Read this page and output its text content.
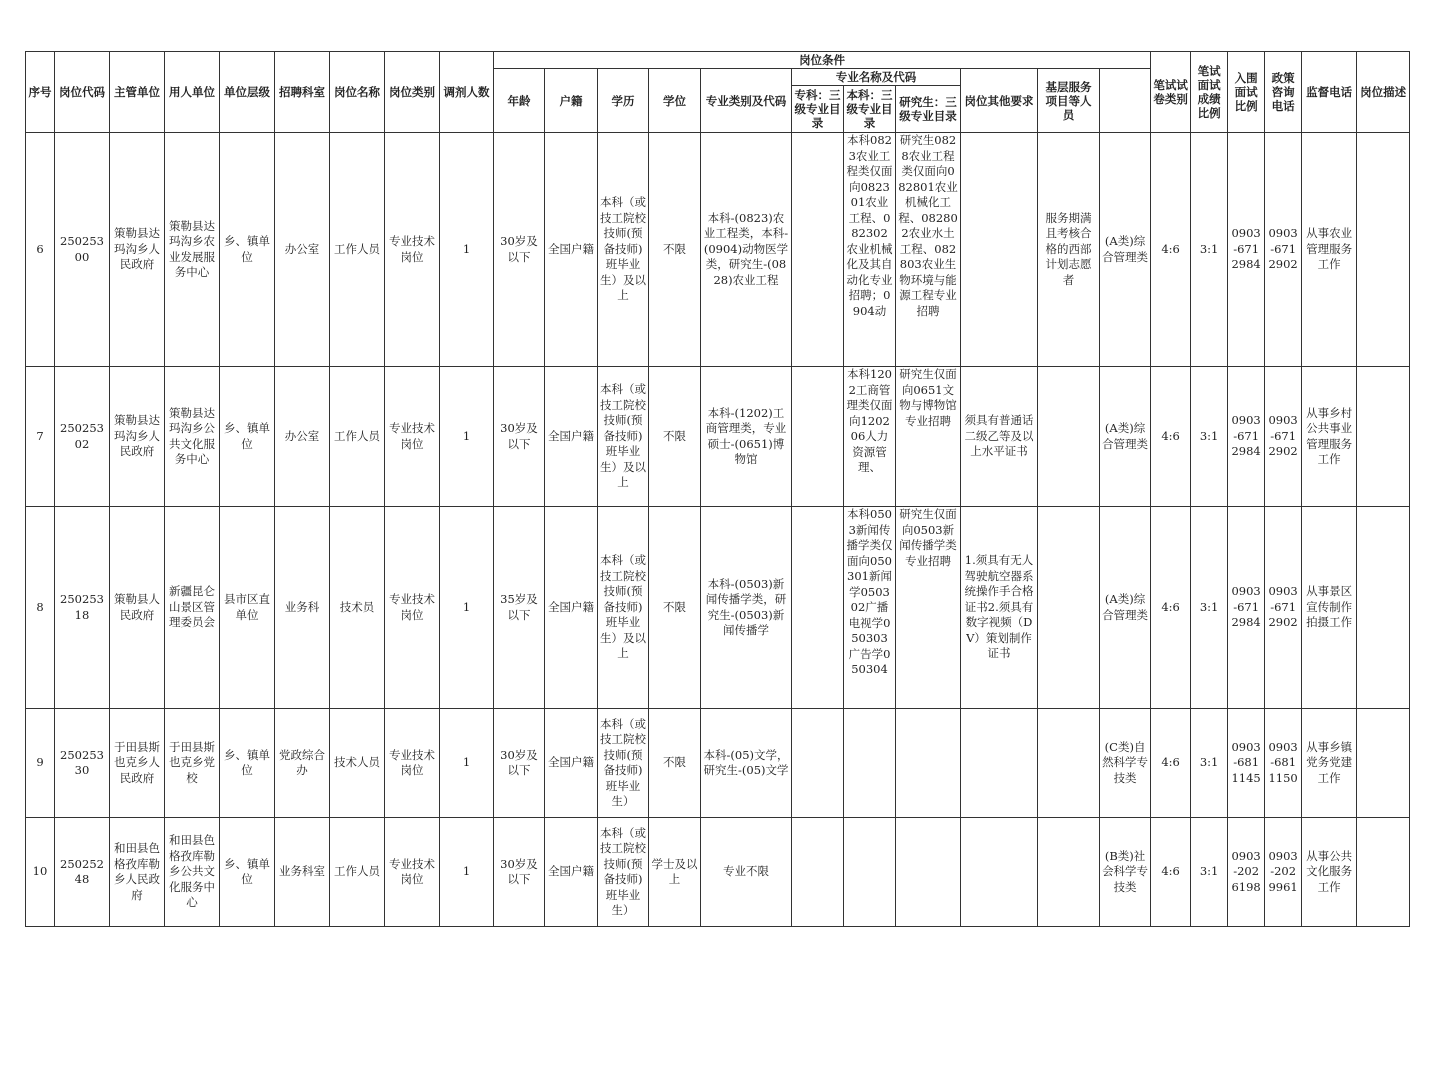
序号	岗位代码	主管单位	用人单位	单位层级	招聘科室	岗位名称	岗位类别	调剂人数	岗位条件											笔试试卷类别	笔试面试成绩比例	入围面试比例	政策咨询电话	监督电话	岗位描述	
									年龄	户籍	学历	学位	专业类别及代码	专业名称及代码			岗位其他要求	基层服务项目等人员								
														专科：三级专业目录	本科：三级专业目录	研究生：三级专业目录										
6	25025300	策勒县达玛沟乡人民政府	策勒县达玛沟乡农业发展服务中心	乡、镇单位	办公室	工作人员	专业技术岗位	1	30岁及以下	全国户籍	本科（或技工院校技师(预备技师)班毕业生）及以上	不限	本科-(0823)农业工程类，本科-(0904)动物医学类，研究生-(0828)农业工程		本科0823农业工程类仅面向082301农业工程、082302农业机械化及其自动化专业招聘；0904动	研究生0828农业工程类仅面向082801农业机械化工程、082802农业水土工程、082803农业生物环境与能源工程专业招聘		服务期满且考核合格的西部计划志愿者	(A类)综合管理类	4:6	3:1	0903-6712984	0903-6712902	从事农业管理服务工作		
7	25025302	策勒县达玛沟乡人民政府	策勒县达玛沟乡公共文化服务中心	乡、镇单位	办公室	工作人员	专业技术岗位	1	30岁及以下	全国户籍	本科（或技工院校技师(预备技师)班毕业生）及以上	不限	本科-(1202)工商管理类，专业硕士-(0651)博物馆		本科1202工商管理类仅面向120206人力资源管理、	研究生仅面向0651文物与博物馆专业招聘	须具有普通话二级乙等及以上水平证书		(A类)综合管理类	4:6	3:1	0903-6712984	0903-6712902	从事乡村公共事业管理服务工作		
8	25025318	策勒县人民政府	新疆昆仑山景区管理委员会	县市区直单位	业务科	技术员	专业技术岗位	1	35岁及以下	全国户籍	本科（或技工院校技师(预备技师)班毕业生）及以上	不限	本科-(0503)新闻传播学类，研究生-(0503)新闻传播学		本科0503新闻传播学类仅面向050301新闻学050302广播电视学050303广告学050304	研究生仅面向0503新闻传播学类专业招聘	1.须具有无人驾驶航空器系统操作手合格证书2.须具有数字视频（DV）策划制作证书		(A类)综合管理类	4:6	3:1	0903-6712984	0903-6712902	从事景区宣传制作拍摄工作		
9	25025330	于田县斯也克乡人民政府	于田县斯也克乡党校	乡、镇单位	党政综合办	技术人员	专业技术岗位	1	30岁及以下	全国户籍	本科（或技工院校技师(预备技师)班毕业生）	不限	本科-(05)文学，研究生-(05)文学						(C类)自然科学专技类	4:6	3:1	0903-6811145	0903-6811150	从事乡镇党务党建工作		
10	25025248	和田县色格孜库勒乡人民政府	和田县色格孜库勒乡公共文化服务中心	乡、镇单位	业务科室	工作人员	专业技术岗位	1	30岁及以下	全国户籍	本科（或技工院校技师(预备技师)班毕业生）	学士及以上	专业不限						(B类)社会科学专技类	4:6	3:1	0903-2026198	0903-2029961	从事公共文化服务工作		
